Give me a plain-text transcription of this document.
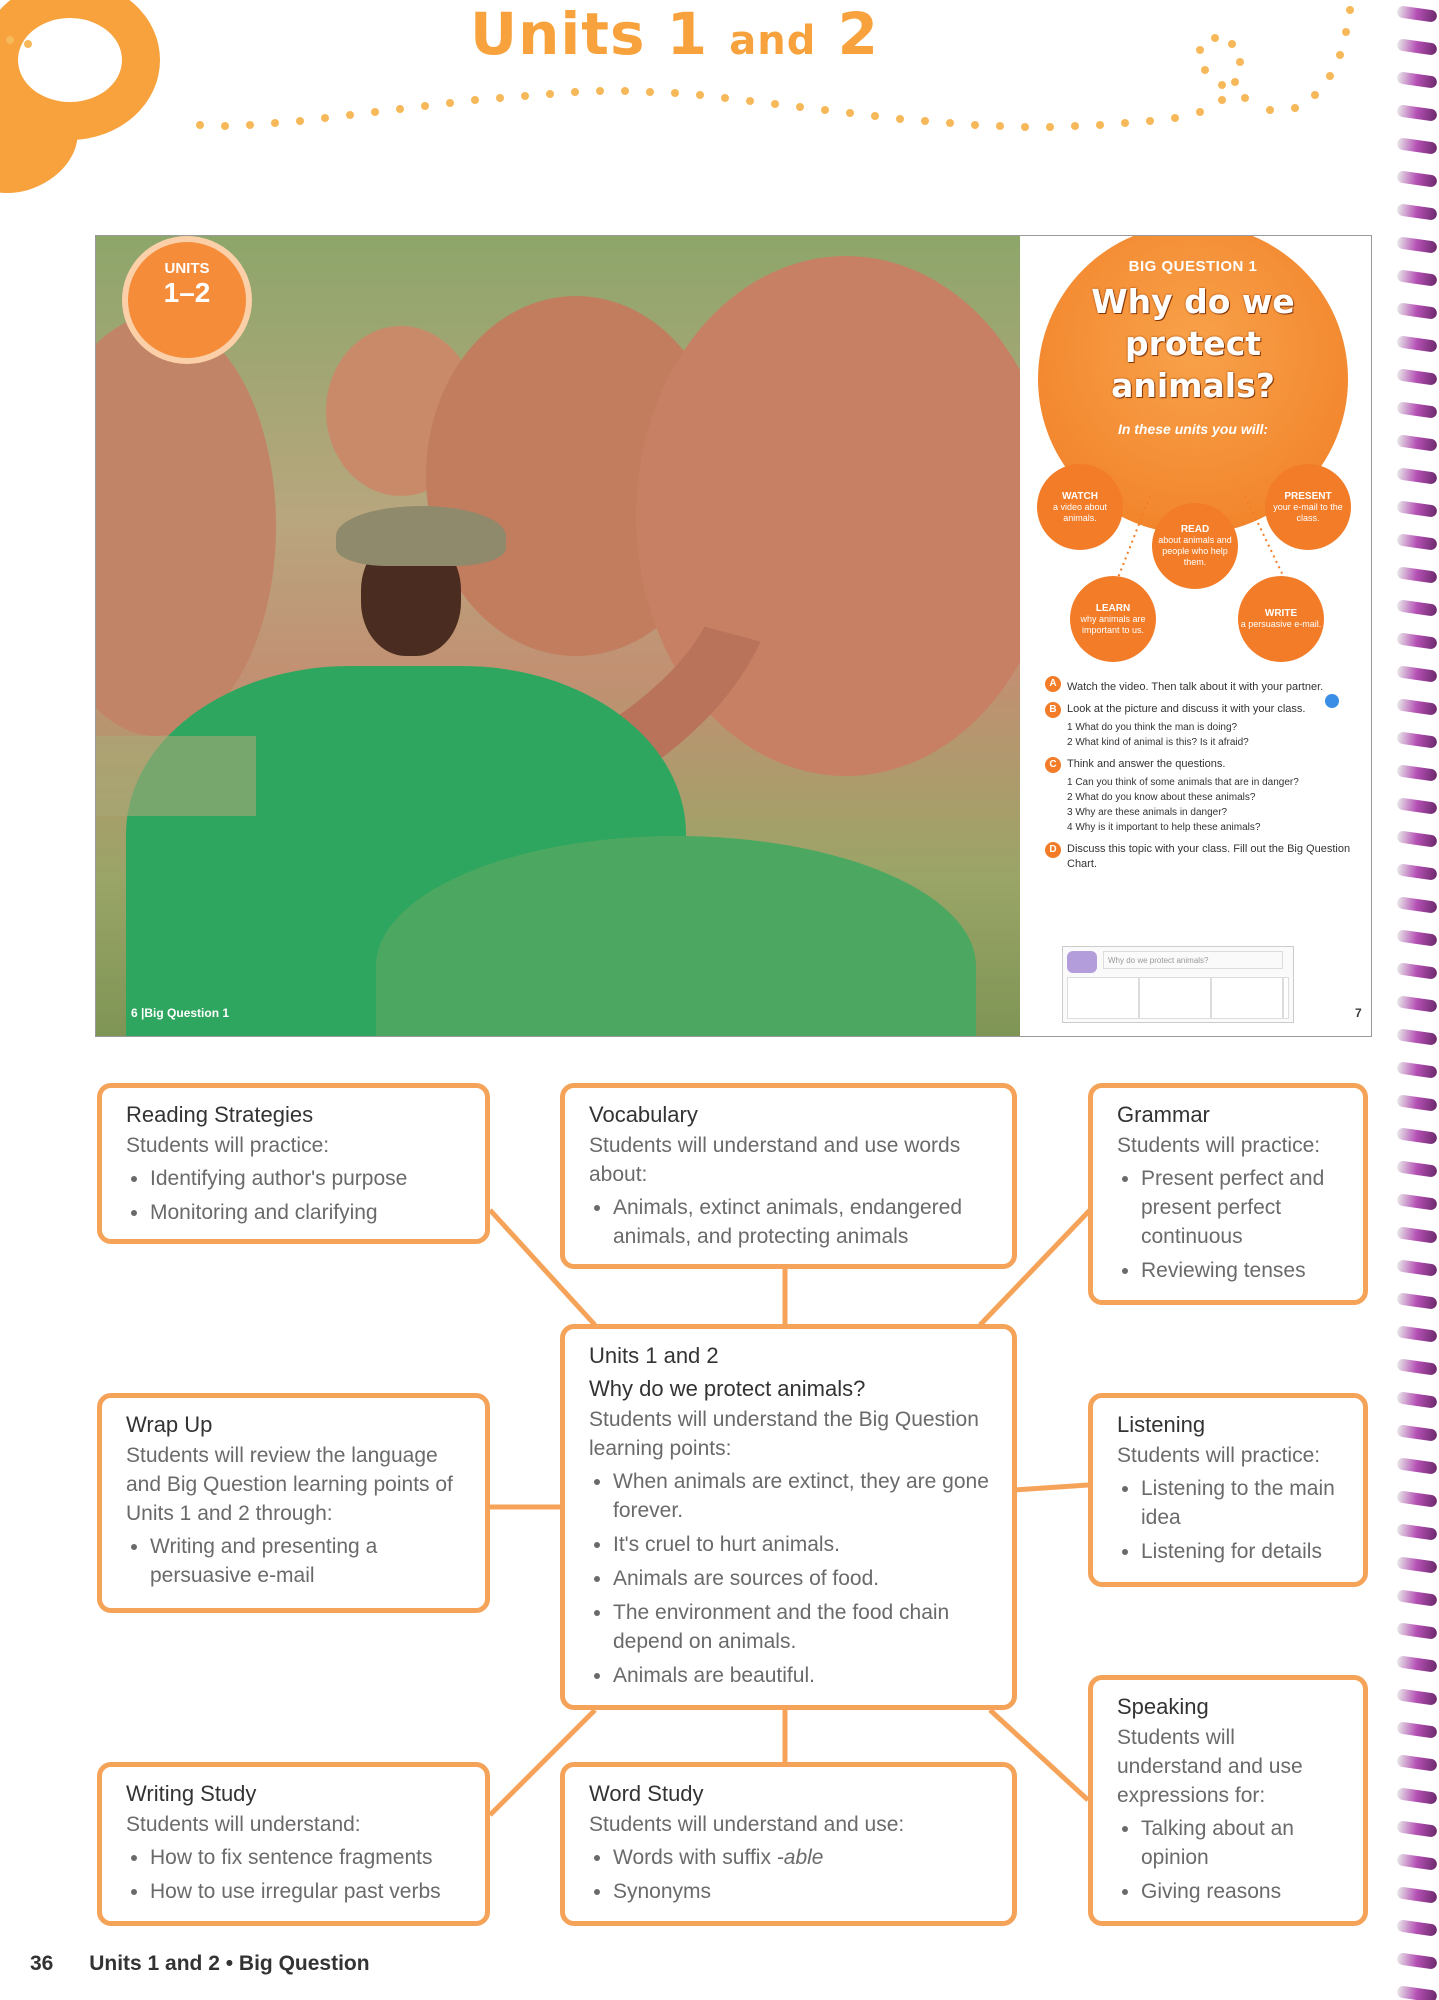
Units 1 and 2
UNITS
1–2
6 |Big Question 1
BIG QUESTION 1
Why do we protect animals?
In these units you will:
WATCH
a video about animals.
READ
about animals and people who help them.
PRESENT
your e-mail to the class.
LEARN
why animals are important to us.
WRITE
a persuasive e-mail.
A Watch the video. Then talk about it with your partner.
B Look at the picture and discuss it with your class.
1 What do you think the man is doing?
2 What kind of animal is this? Is it afraid?
C Think and answer the questions.
1 Can you think of some animals that are in danger?
2 What do you know about these animals?
3 Why are these animals in danger?
4 Why is it important to help these animals?
D Discuss this topic with your class. Fill out the Big Question Chart.
Why do we protect animals?
7
Reading Strategies

Students will practice:

• Identifying author's purpose
• Monitoring and clarifying
Vocabulary

Students will understand and use words about:

• Animals, extinct animals, endangered animals, and protecting animals
Grammar

Students will practice:

• Present perfect and present perfect continuous
• Reviewing tenses
Wrap Up

Students will review the language and Big Question learning points of Units 1 and 2 through:

• Writing and presenting a persuasive e-mail
Units 1 and 2
Why do we protect animals?

Students will understand the Big Question learning points:

• When animals are extinct, they are gone forever.
• It's cruel to hurt animals.
• Animals are sources of food.
• The environment and the food chain depend on animals.
• Animals are beautiful.
Listening

Students will practice:

• Listening to the main idea
• Listening for details
Speaking

Students will understand and use expressions for:

• Talking about an opinion
• Giving reasons
Writing Study

Students will understand:

• How to fix sentence fragments
• How to use irregular past verbs
Word Study

Students will understand and use:

• Words with suffix -able
• Synonyms
36 Units 1 and 2 • Big Question
